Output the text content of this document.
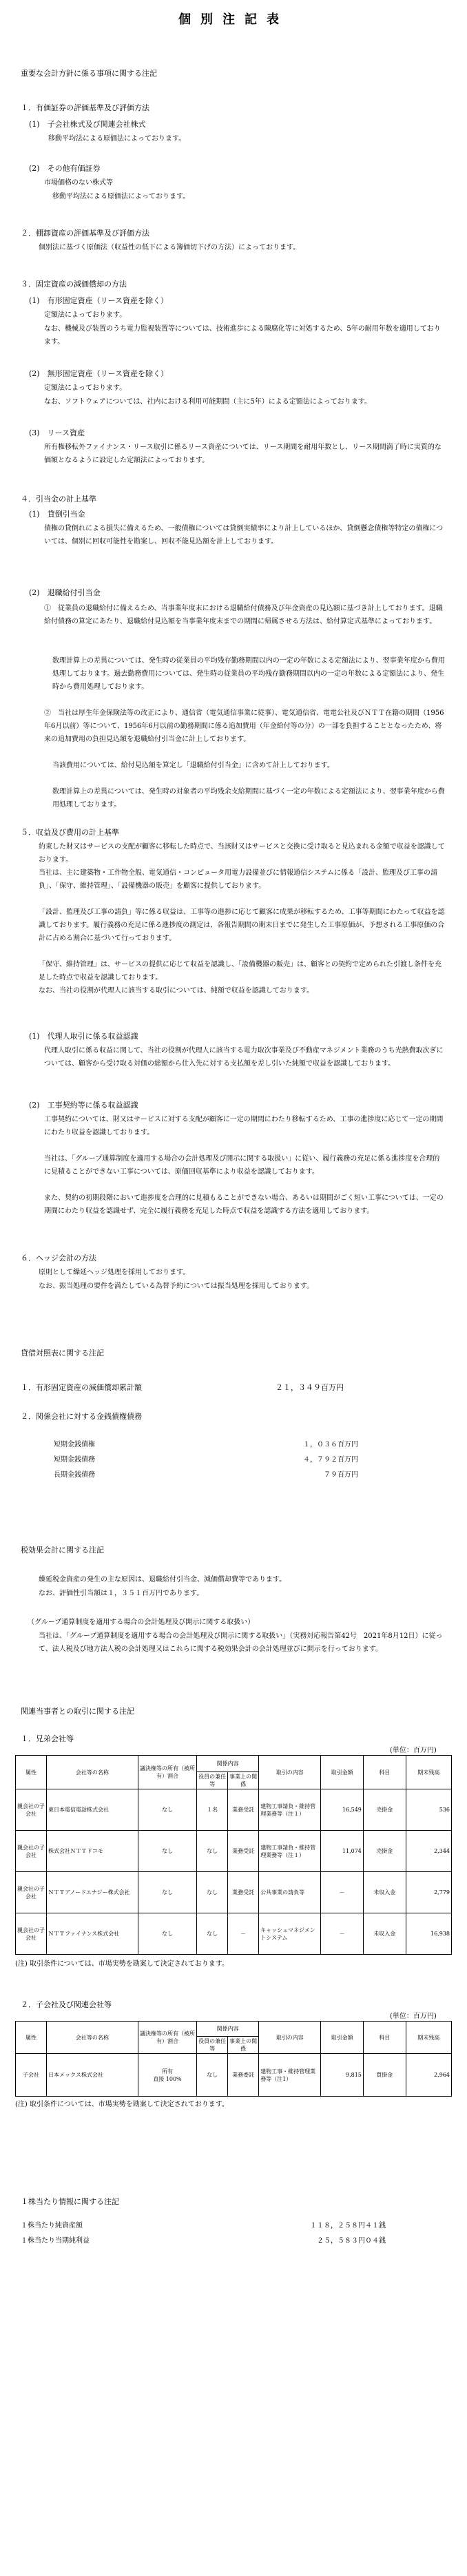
個別注記表
重要な会計方針に係る事項に関する注記
１．有価証券の評価基準及び評価方法
(1)　子会社株式及び関連会社株式
移動平均法による原価法によっております。
(2)　その他有価証券
市場価格のない株式等
移動平均法による原価法によっております。
２．棚卸資産の評価基準及び評価方法
個別法に基づく原価法（収益性の低下による簿価切下げの方法）によっております。
３．固定資産の減価償却の方法
(1)　有形固定資産（リース資産を除く）
定額法によっております。
なお、機械及び装置のうち電力監視装置等については、技術進歩による陳腐化等に対処するため、5年の耐用年数を適用しております。
(2)　無形固定資産（リース資産を除く）
定額法によっております。
なお、ソフトウェアについては、社内における利用可能期間（主に5年）による定額法によっております。
(3)　リース資産
所有権移転外ファイナンス・リース取引に係るリース資産については、リース期間を耐用年数とし、リース期間満了時に実質的な価額となるように設定した定額法によっております。
４．引当金の計上基準
(1)　貸倒引当金
債権の貸倒れによる損失に備えるため、一般債権については貸倒実績率により計上しているほか、貸倒懸念債権等特定の債権については、個別に回収可能性を勘案し、回収不能見込額を計上しております。
(2)　退職給付引当金
①　従業員の退職給付に備えるため、当事業年度末における退職給付債務及び年金資産の見込額に基づき計上しております。退職給付債務の算定にあたり、退職給付見込額を当事業年度末までの期間に帰属させる方法は、給付算定式基準によっております。
数理計算上の差異については、発生時の従業員の平均残存勤務期間以内の一定の年数による定額法により、翌事業年度から費用処理しております。過去勤務費用については、発生時の従業員の平均残存勤務期間以内の一定の年数による定額法により、発生時から費用処理しております。
②　当社は厚生年金保険法等の改正により、通信省（電気通信事業に従事）、電気通信省、電電公社及びＮＴＴ在籍の期間（1956年6月以前）等について、1956年6月以前の勤務期間に係る追加費用（年金給付等の分）の一部を負担することとなったため、将来の追加費用の負担見込額を退職給付引当金に計上しております。
当該費用については、給付見込額を算定し「退職給付引当金」に含めて計上しております。
数理計算上の差異については、発生時の対象者の平均残余支給期間に基づく一定の年数による定額法により、翌事業年度から費用処理しております。
５．収益及び費用の計上基準
約束した財又はサービスの支配が顧客に移転した時点で、当該財又はサービスと交換に受け取ると見込まれる金額で収益を認識しております。
当社は、主に建築物・工作物全般、電気通信・コンピュータ用電力設備並びに情報通信システムに係る「設計、監理及び工事の請負」、「保守、維持管理」、「設備機器の販売」を顧客に提供しております。
「設計、監理及び工事の請負」等に係る収益は、工事等の進捗に応じて顧客に成果が移転するため、工事等期間にわたって収益を認識しております。履行義務の充足に係る進捗度の測定は、各報告期間の期末日までに発生した工事原価が、予想される工事原価の合計に占める割合に基づいて行っております。
「保守、維持管理」は、サービスの提供に応じて収益を認識し、「設備機器の販売」は、顧客との契約で定められた引渡し条件を充足した時点で収益を認識しております。
なお、当社の役割が代理人に該当する取引については、純額で収益を認識しております。
(1)　代理人取引に係る収益認識
代理人取引に係る収益に関して、当社の役割が代理人に該当する電力取次事業及び不動産マネジメント業務のうち光熱費取次ぎについては、顧客から受け取る対価の総額から仕入先に対する支払額を差し引いた純額で収益を認識しております。
(2)　工事契約等に係る収益認識
工事契約については、財又はサービスに対する支配が顧客に一定の期間にわたり移転するため、工事の進捗度に応じて一定の期間にわたり収益を認識しております。
当社は、「グループ通算制度を適用する場合の会計処理及び開示に関する取扱い」に従い、履行義務の充足に係る進捗度を合理的に見積ることができない工事については、原価回収基準により収益を認識しております。
また、契約の初期段階において進捗度を合理的に見積もることができない場合、あるいは期間がごく短い工事については、一定の期間にわたり収益を認識せず、完全に履行義務を充足した時点で収益を認識する方法を適用しております。
６．ヘッジ会計の方法
原則として繰延ヘッジ処理を採用しております。
なお、振当処理の要件を満たしている為替予約については振当処理を採用しております。
貸借対照表に関する注記
１．有形固定資産の減価償却累計額	２１，３４９百万円
２．関係会社に対する金銭債権債務
短期金銭債権	１，０３６百万円
短期金銭債務	４，７９２百万円
長期金銭債務	７９百万円
税効果会計に関する注記
繰延税金資産の発生の主な原因は、退職給付引当金、減価償却費等であります。
なお、評価性引当額は１，３５１百万円であります。
（グループ通算制度を適用する場合の会計処理及び開示に関する取扱い）
当社は、「グループ通算制度を適用する場合の会計処理及び開示に関する取扱い」（実務対応報告第42号　2021年8月12日）に従って、法人税及び地方法人税の会計処理又はこれらに関する税効果会計の会計処理並びに開示を行っております。
関連当事者との取引に関する注記
１．兄弟会社等
(単位：百万円)
属性	会社等の名称	議決権等の所有（被所有）割合	関係内容		取引の内容	取引金額	科目	期末残高
			役員の兼任等	事業上の関係				
親会社の子会社	東日本電信電話株式会社	なし	１名	業務受託	建物工事請負・維持管理業務等（注１）	16,549	売掛金	536
親会社の子会社	株式会社ＮＴＴドコモ	なし	なし	業務受託	建物工事請負・維持管理業務等（注１）	11,074	売掛金	2,344
親会社の子会社	ＮＴＴアノードエナジー株式会社	なし	なし	業務受託	公共事業の請負等	－	未収入金	2,779
親会社の子会社	ＮＴＴファイナンス株式会社	なし	なし	－	キャッシュマネジメントシステム	－	未収入金	16,938
(注) 取引条件については、市場実勢を勘案して決定されております。
２．子会社及び関連会社等
(単位：百万円)
属性	会社等の名称	議決権等の所有（被所有）割合	関係内容		取引の内容	取引金額	科目	期末残高
			役員の兼任等	事業上の関係				
子会社	日本メックス株式会社	所有
直接 100%	なし	業務委託	建物工事・維持管理業務等（注1）	9,815	買掛金	2,964
(注) 取引条件については、市場実勢を勘案して決定されております。
１株当たり情報に関する注記
１株当たり純資産額	１１８，２５８円４１銭
１株当たり当期純利益	２５，５８３円０４銭
